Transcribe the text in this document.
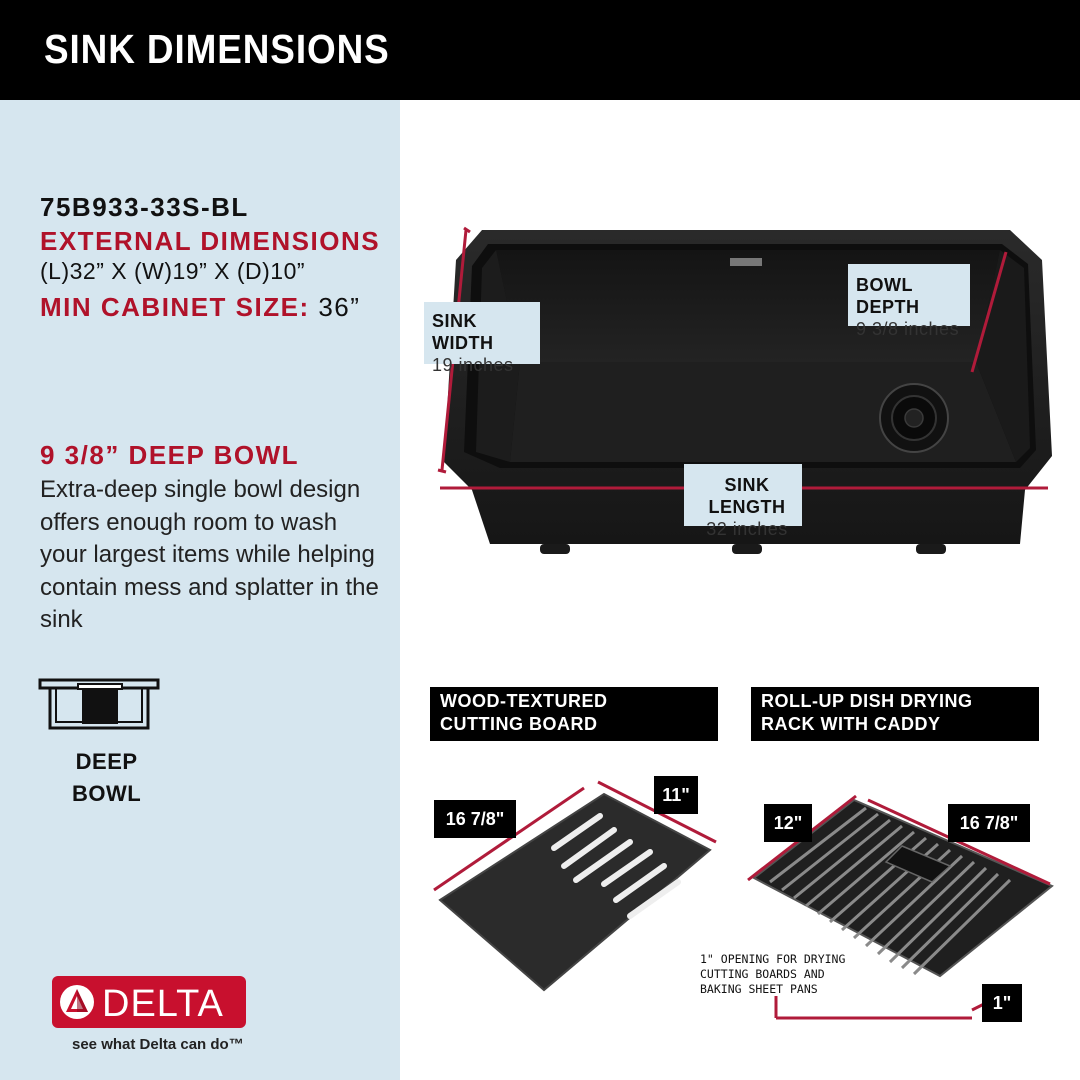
SINK DIMENSIONS
75B933-33S-BL
EXTERNAL DIMENSIONS
(L)32” X (W)19” X (D)10”
MIN CABINET SIZE: 36”
9 3/8” DEEP BOWL
Extra-deep single bowl design offers enough room to wash your largest items while helping contain mess and splatter in the sink
DEEP
BOWL
DELTA
see what Delta can do™
SINK WIDTH
19 inches
BOWL DEPTH
9 3/8 inches
SINK LENGTH
32 inches
WOOD-TEXTURED
CUTTING BOARD
ROLL-UP DISH DRYING
RACK WITH CADDY
16 7/8"
11"
12"	16 7/8"
1"
1" OPENING FOR DRYING
CUTTING BOARDS AND
BAKING SHEET PANS
